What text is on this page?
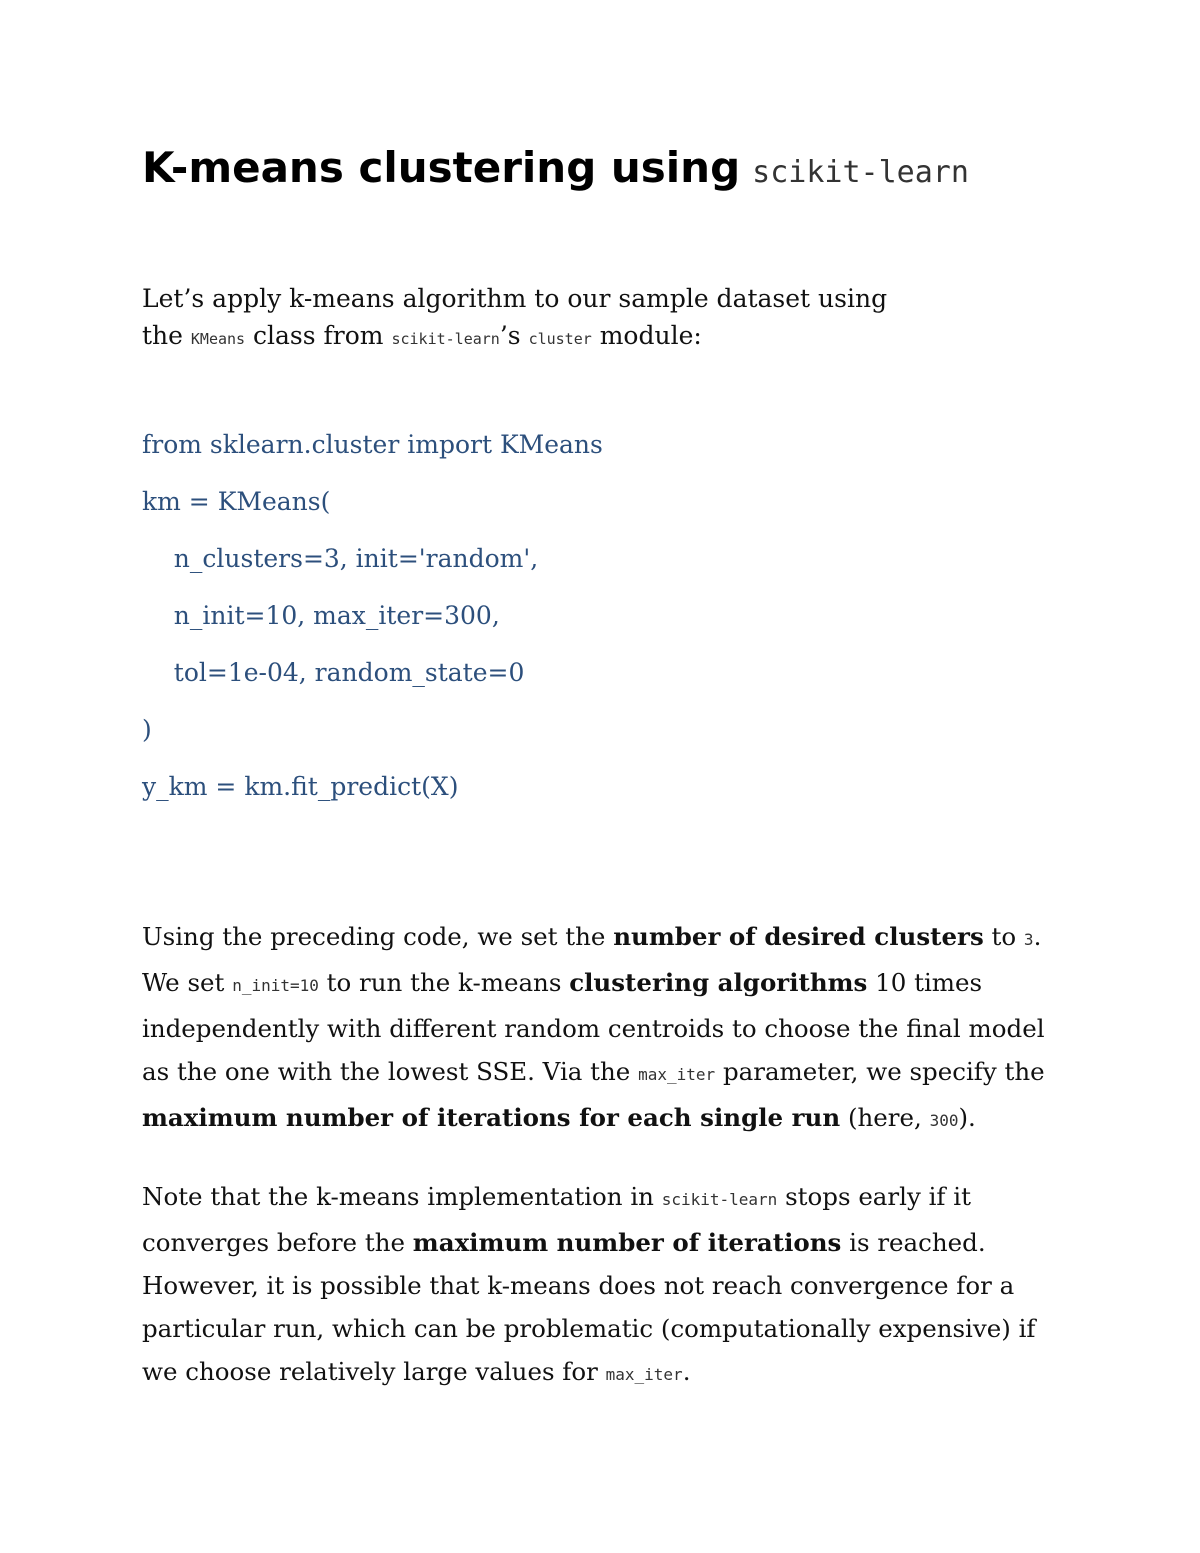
K-means clustering using scikit-learn
Let’s apply k-means algorithm to our sample dataset using
the KMeans class from scikit-learn’s cluster module:
from sklearn.cluster import KMeans
km = KMeans(
n_clusters=3, init='random',
n_init=10, max_iter=300,
tol=1e-04, random_state=0
)
y_km = km.fit_predict(X)
Using the preceding code, we set the number of desired clusters to 3.
We set n_init=10 to run the k-means clustering algorithms 10 times
independently with different random centroids to choose the final model
as the one with the lowest SSE. Via the max_iter parameter, we specify the
maximum number of iterations for each single run (here, 300).
Note that the k-means implementation in scikit-learn stops early if it
converges before the maximum number of iterations is reached.
However, it is possible that k-means does not reach convergence for a
particular run, which can be problematic (computationally expensive) if
we choose relatively large values for max_iter.
